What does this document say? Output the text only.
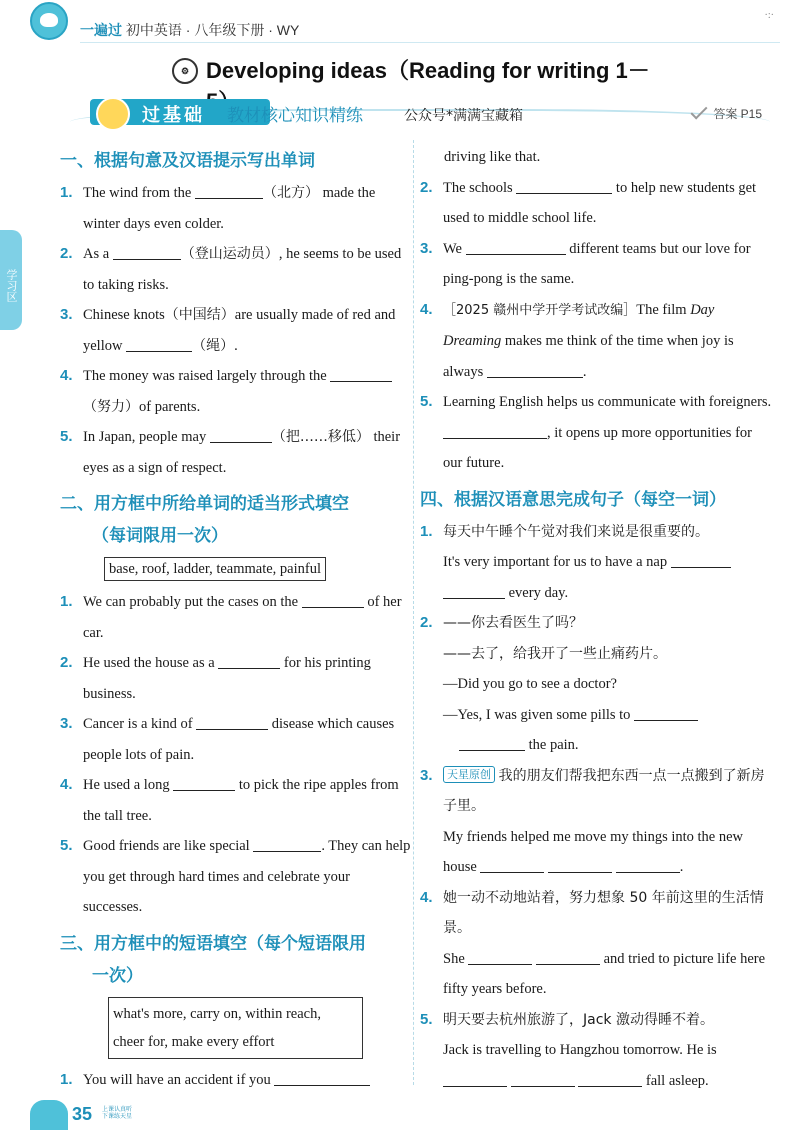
一遍过 初中英语 · 八年级下册 · WY
·:·
⚙ Developing ideas（Reading for writing 1－
过基础 教材核心知识精练	公众号*满满宝藏箱	答案 P15
学习区
一、根据句意及汉语提示写出单词
1. The wind from the	（北方） made the winter days even colder.
2. As a	（登山运动员）, he seems to be used to taking risks.
3. Chinese knots（中国结）are usually made of red and yellow	（绳）.
4. The money was raised largely through the  （努力）of parents.
5. In Japan, people may	（把……移低） their eyes as a sign of respect.
二、用方框中所给单词的适当形式填空
（每词限用一次）
base, roof, ladder, teammate, painful
1. We can probably put the cases on the	of her car.
2. He used the house as a	for his printing business.
3. Cancer is a kind of	disease which causes people lots of pain.
4. He used a long	to pick the ripe apples from the tall tree.
5. Good friends are like special	. They can help you get through hard times and celebrate your successes.
三、用方框中的短语填空（每个短语限用
一次）
what's more, carry on, within reach,
cheer for, make every effort
1. You will have an accident if you
driving like that.
2. The schools	to help new students get used to middle school life.
3. We	different teams but our love for ping-pong is the same.
4. ［2025 赣州中学开学考试改编］The film Day Dreaming makes me think of the time when joy is always	.
5. Learning English helps us communicate with foreigners. , it opens up more opportunities for our future.
四、根据汉语意思完成句子（每空一词）
1. 每天中午睡个午觉对我们来说是很重要的。
It's very important for us to have a nap   every day.
2. ——你去看医生了吗？
——去了，给我开了一些止痛药片。
—Did you go to see a doctor?
—Yes, I was given some pills to   the pain.
3. 天星原创 我的朋友们帮我把东西一点一点搬到了新房子里。
My friends helped me move my things into the new house	.
4. 她一动不动地站着，努力想象 50 年前这里的生活情景。
She	and tried to picture life here fifty years before.
5. 明天要去杭州旅游了，Jack 激动得睡不着。
Jack is travelling to Hangzhou tomorrow. He is    fall asleep.
35 上课认真听
下课练天星
